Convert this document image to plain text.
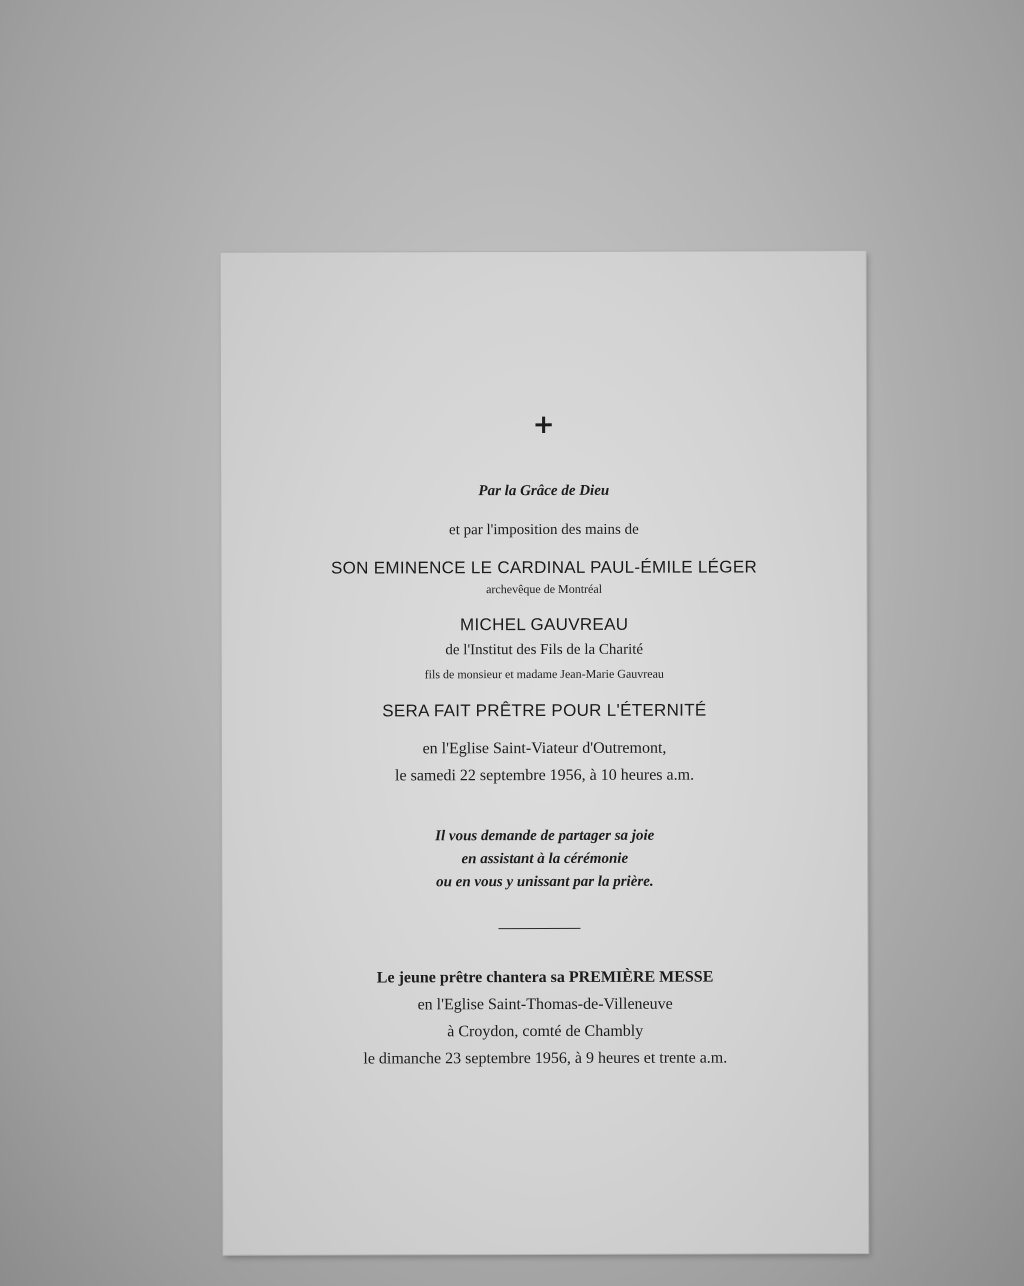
+
Par la Grâce de Dieu
et par l'imposition des mains de
SON EMINENCE LE CARDINAL PAUL-ÉMILE LÉGER
archevêque de Montréal
MICHEL GAUVREAU
de l'Institut des Fils de la Charité
fils de monsieur et madame Jean-Marie Gauvreau
SERA FAIT PRÊTRE POUR L'ÉTERNITÉ
en l'Eglise Saint-Viateur d'Outremont,
le samedi 22 septembre 1956, à 10 heures a.m.
Il vous demande de partager sa joie
en assistant à la cérémonie
ou en vous y unissant par la prière.
Le jeune prêtre chantera sa PREMIÈRE MESSE
en l'Eglise Saint-Thomas-de-Villeneuve
à Croydon, comté de Chambly
le dimanche 23 septembre 1956, à 9 heures et trente a.m.
